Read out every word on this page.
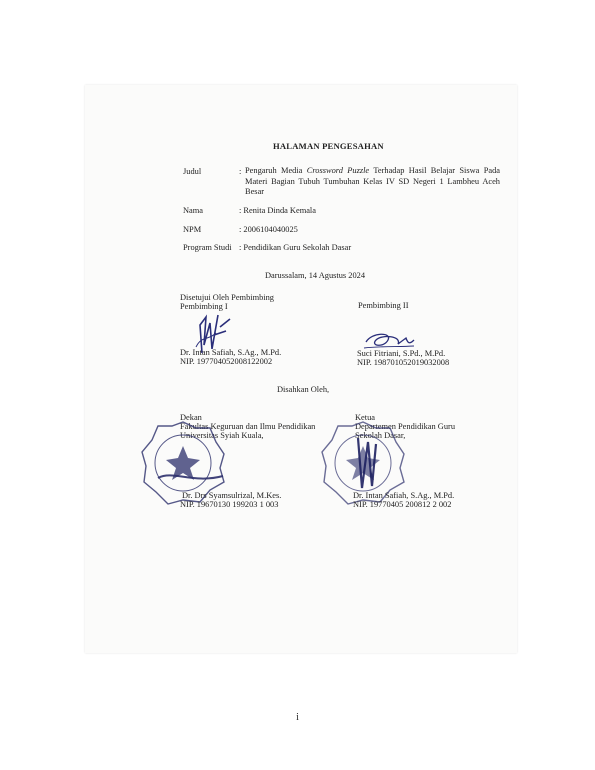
HALAMAN PENGESAHAN
Judul	: Pengaruh Media Crossword Puzzle Terhadap Hasil Belajar Siswa Pada Materi Bagian Tubuh Tumbuhan Kelas IV SD Negeri 1 Lambheu Aceh Besar
Nama	: Renita Dinda Kemala
NPM	: 2006104040025
Program Studi : Pendidikan Guru Sekolah Dasar
Darussalam, 14 Agustus 2024
Disetujui Oleh Pembimbing
Pembimbing I	Pembimbing II
Dr. Intan Safiah, S.Ag., M.Pd.
NIP. 197704052008122002
Suci Fitriani, S.Pd., M.Pd.
NIP. 198701052019032008
Disahkan Oleh,
Dekan
Fakultas Keguruan dan Ilmu Pendidikan
Universitas Syiah Kuala,
Ketua
Departemen Pendidikan Guru
Sekolah Dasar,
Dr. Drs Syamsulrizal, M.Kes.
NIP. 19670130 199203 1 003
Dr. Intan Safiah, S.Ag., M.Pd.
NIP. 19770405 200812 2 002
i
